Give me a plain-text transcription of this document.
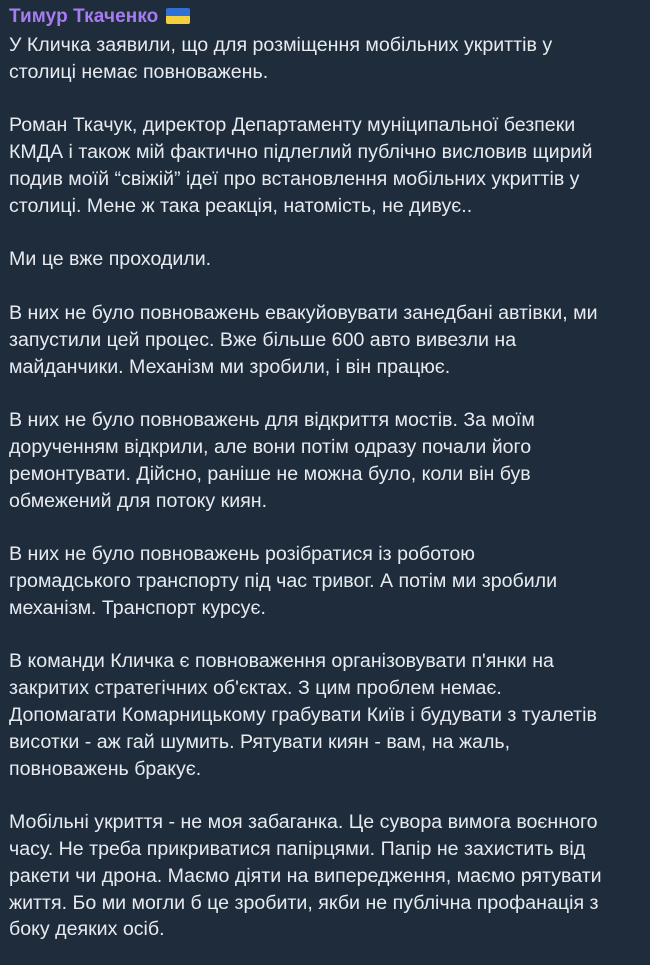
Тимур Ткаченко

У Кличка заявили, що для розміщення мобільних укриттів у
столиці немає повноважень.

Роман Ткачук, директор Департаменту муніципальної безпеки
КМДА і також мій фактично підлеглий публічно висловив щирий
подив моїй “свіжій” ідеї про встановлення мобільних укриттів у
столиці. Мене ж така реакція, натомість, не дивує..

Ми це вже проходили.

В них не було повноважень евакуйовувати занедбані автівки, ми
запустили цей процес. Вже більше 600 авто вивезли на
майданчики. Механізм ми зробили, і він працює.

В них не було повноважень для відкриття мостів. За моїм
дорученням відкрили, але вони потім одразу почали його
ремонтувати. Дійсно, раніше не можна було, коли він був
обмежений для потоку киян.

В них не було повноважень розібратися із роботою
громадського транспорту під час тривог. А потім ми зробили
механізм. Транспорт курсує.

В команди Кличка є повноваження організовувати п'янки на
закритих стратегічних об'єктах. З цим проблем немає.
Допомагати Комарницькому грабувати Київ і будувати з туалетів
висотки - аж гай шумить. Рятувати киян - вам, на жаль,
повноважень бракує.

Мобільні укриття - не моя забаганка. Це сувора вимога воєнного
часу. Не треба прикриватися папірцями. Папір не захистить від
ракети чи дрона. Маємо діяти на випередження, маємо рятувати
життя. Бо ми могли б це зробити, якби не публічна профанація з
боку деяких осіб.
